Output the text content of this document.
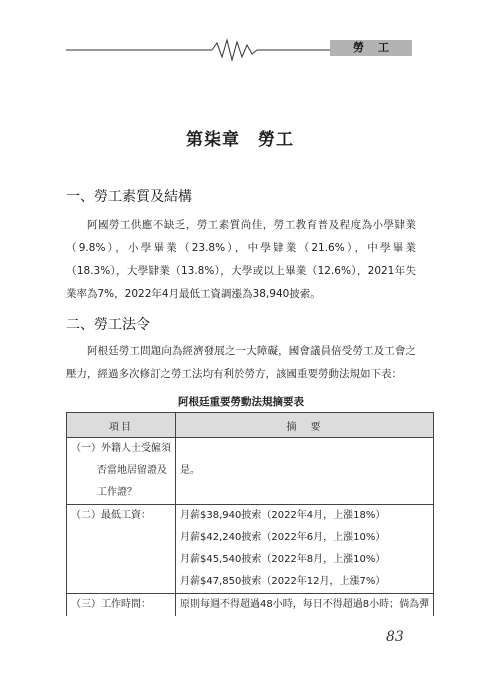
勞工
第柒章　勞工
一、勞工素質及結構

阿國勞工供應不缺乏，勞工素質尚佳，勞工教育普及程度為小學肄業（9.8%），小學畢業（23.8%），中學肄業（21.6%），中學畢業（18.3%），大學肄業（13.8%），大學或以上畢業（12.6%），2021年失業率為7%，2022年4月最低工資調漲為38,940披索。

二、勞工法令

阿根廷勞工問題向為經濟發展之一大障礙，國會議員倍受勞工及工會之壓力，經過多次修訂之勞工法均有利於勞方，該國重要勞動法規如下表：

阿根廷重要勞動法規摘要表
項目	摘　要

（一）外籍人士受僱須
否當地居留證及
工作證？	是。

（二）最低工資：	月薪$38,940披索（2022年4月，上漲18%）
月薪$42,240披索（2022年6月，上漲10%）
月薪$45,540披索（2022年8月，上漲10%）
月薪$47,850披索（2022年12月，上漲7%）

（三）工作時間：	原則每週不得超過48小時，每日不得超過8小時；倘為彈
83
